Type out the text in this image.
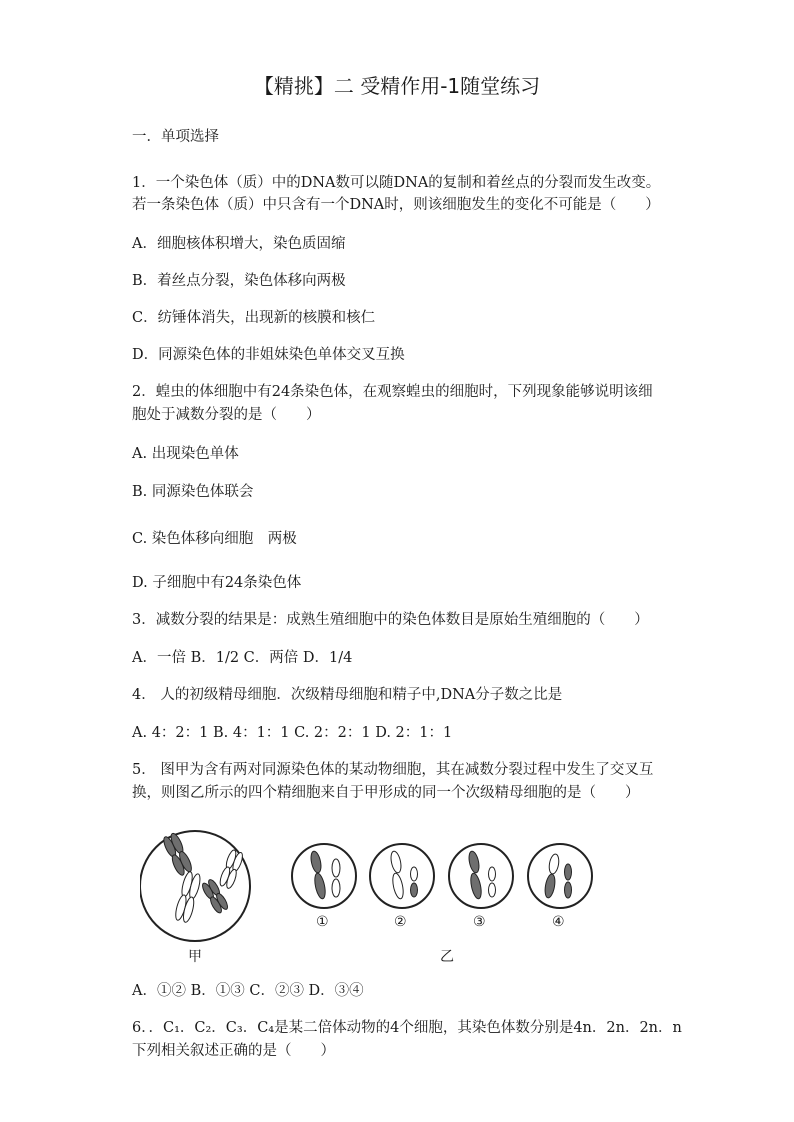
【精挑】二 受精作用-1随堂练习
一．单项选择
1．一个染色体（质）中的DNA数可以随DNA的复制和着丝点的分裂而发生改变。
若一条染色体（质）中只含有一个DNA时，则该细胞发生的变化不可能是（　　）
A．细胞核体积增大，染色质固缩
B．着丝点分裂，染色体移向两极
C．纺锤体消失，出现新的核膜和核仁
D．同源染色体的非姐妹染色单体交叉互换
2．蝗虫的体细胞中有24条染色体，在观察蝗虫的细胞时，下列现象能够说明该细
胞处于减数分裂的是（　　）
A. 出现染色单体
B. 同源染色体联会
C. 染色体移向细胞　两极
D. 子细胞中有24条染色体
3．减数分裂的结果是：成熟生殖细胞中的染色体数目是原始生殖细胞的（　　）
A．一倍 B．1/2 C．两倍 D．1/4
4． 人的初级精母细胞．次级精母细胞和精子中,DNA分子数之比是
A. 4：2：1 B. 4：1：1 C. 2：2：1 D. 2：1：1
5． 图甲为含有两对同源染色体的某动物细胞，其在减数分裂过程中发生了交叉互
换，则图乙所示的四个精细胞来自于甲形成的同一个次级精母细胞的是（　　）
①	②	③	④
甲	乙
A．①② B．①③ C．②③ D．③④
6．．C₁．C₂．C₃．C₄是某二倍体动物的4个细胞，其染色体数分别是4n．2n．2n．n
下列相关叙述正确的是（　　）
